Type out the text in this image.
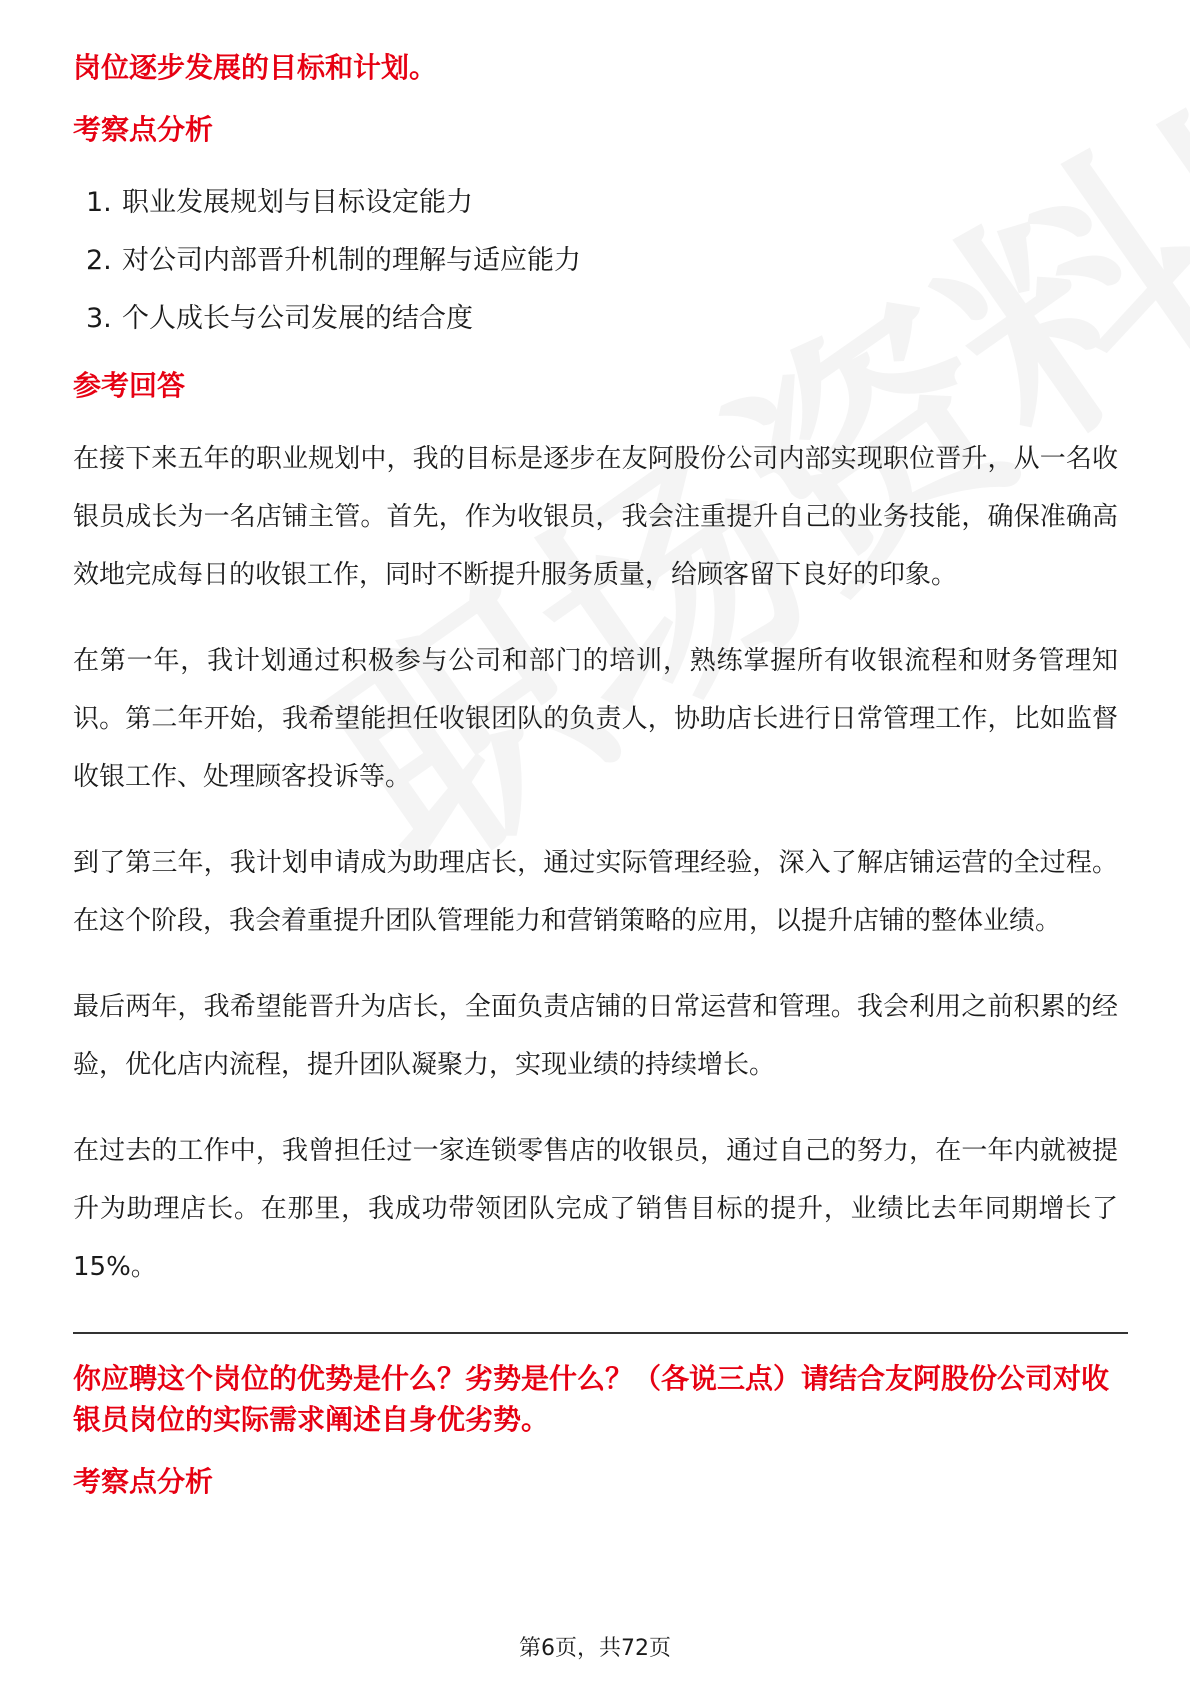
岗位逐步发展的目标和计划。
考察点分析
1. 职业发展规划与目标设定能力
2. 对公司内部晋升机制的理解与适应能力
3. 个人成长与公司发展的结合度
参考回答

在接下来五年的职业规划中，我的目标是逐步在友阿股份公司内部实现职位晋升，从一名收银员成长为一名店铺主管。首先，作为收银员，我会注重提升自己的业务技能，确保准确高效地完成每日的收银工作，同时不断提升服务质量，给顾客留下良好的印象。

在第一年，我计划通过积极参与公司和部门的培训，熟练掌握所有收银流程和财务管理知识。第二年开始，我希望能担任收银团队的负责人，协助店长进行日常管理工作，比如监督收银工作、处理顾客投诉等。

到了第三年，我计划申请成为助理店长，通过实际管理经验，深入了解店铺运营的全过程。在这个阶段，我会着重提升团队管理能力和营销策略的应用，以提升店铺的整体业绩。

最后两年，我希望能晋升为店长，全面负责店铺的日常运营和管理。我会利用之前积累的经验，优化店内流程，提升团队凝聚力，实现业绩的持续增长。

在过去的工作中，我曾担任过一家连锁零售店的收银员，通过自己的努力，在一年内就被提升为助理店长。在那里，我成功带领团队完成了销售目标的提升，业绩比去年同期增长了15%。

你应聘这个岗位的优势是什么？劣势是什么？（各说三点）请结合友阿股份公司对收银员岗位的实际需求阐述自身优劣势。
考察点分析
第6页，共72页
